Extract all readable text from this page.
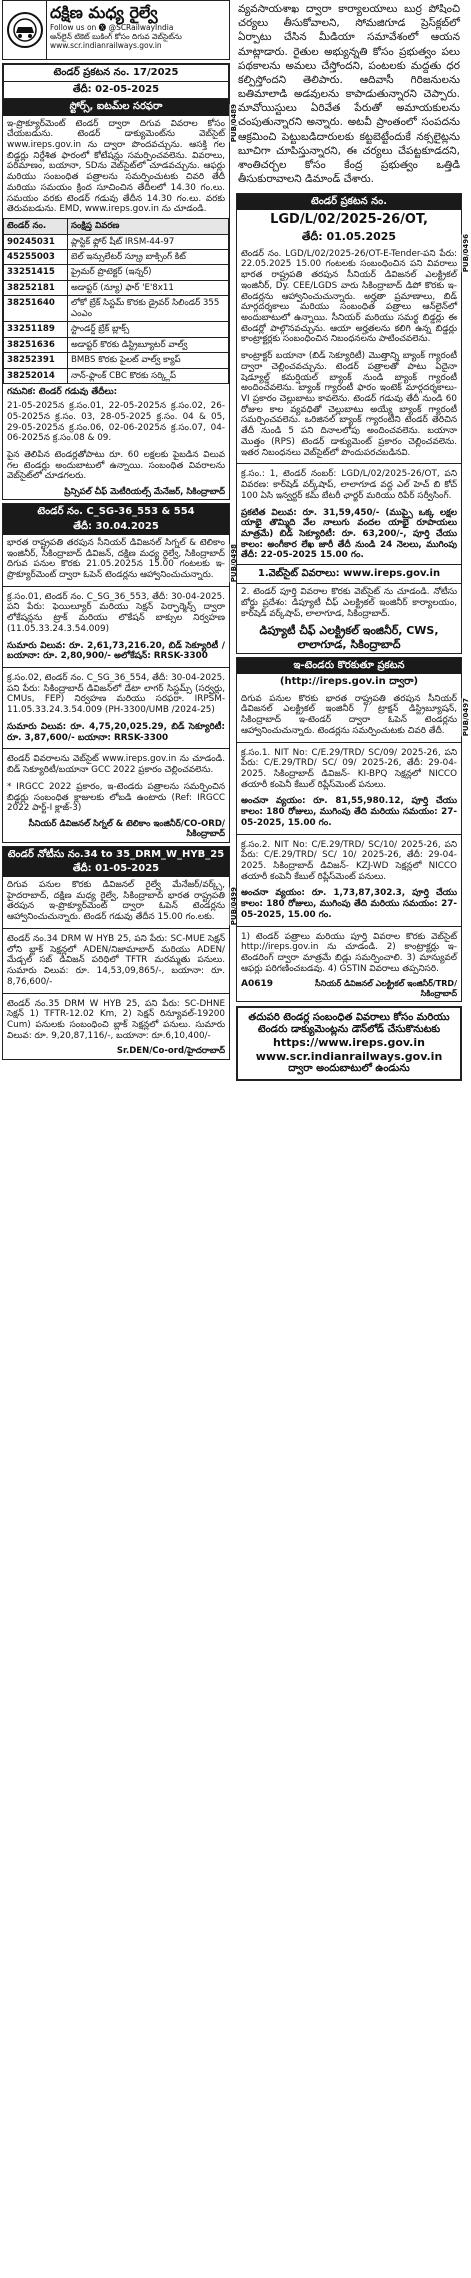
దక్షిణ మధ్య రైల్వే
Follow us on 🅧 @SCRailwayIndia
ఆన్‌లైన్ టికెట్ బుకింగ్ కోసం దిగువ వెబ్‌సైట్‌ను
www.scr.indianrailways.gov.in
PUB/0489
టెండర్ ప్రకటన నం. 17/2025
తేదీ: 02-05-2025
స్టోర్స్, ఐటమ్‌ల సరఫరా
ఇ-ప్రొక్యూర్‌మెంట్ టెండర్ ద్వారా దిగువ వివరాల కోసం చేయబడును. టెండర్ డాక్యుమెంట్‌ను వెబ్‌సైట్ www.ireps.gov.in ను ద్వారా పొందవచ్చును. ఆసక్తి గల బిడ్డర్లు నిర్దేశిత ఫారంలో కోటేషన్లు సమర్పించవలెను. వివరాలు, పరిమాణం, బయానా, SDను వెబ్‌సైట్‌లో చూడవచ్చును. ఆఫర్లు మరియు సంబంధిత పత్రాలను సమర్పించుటకు చివరి తేదీ మరియు సమయం క్రింద సూచించిన తేదీలలో 14.30 గం.లు. సమయం వరకు టెండర్ గడువు తేదీన 14.30 గం.లు. వరకు తెరువబడును. EMD, www.ireps.gov.in ను చూడండి.
టెండర్ నం.	సంక్షిప్త వివరణ
90245031	ప్లాస్టిక్ ఫ్లోర్ షీట్ IRSM-44-97
45255003	బెల్ ఇన్సులేటర్ స్క్రూ బాక్సింగ్ కిట్
33251415	ప్రైమర్ ప్రొటెక్టర్ (ఇన్నర్)
38252181	అడాప్టర్ (న్యూ) ఫార్ 'E'8x11
38251640	లోకో బ్రేక్ సిస్టమ్ కొరకు డ్రైవర్ సిలిండర్ 355 ఎంఎం
33251189	స్టాండర్డ్ బ్రేక్ బ్లాక్స్
38251636	అడాప్టర్ కొరకు డిస్ట్రిబ్యూటర్ వాల్వ్
38252391	BMBS కొరకు పైలట్ వాల్వ్ క్యాప్
38252014	నాన్-ఫ్లాంక్ CBC కొరకు సర్క్లిప్
గమనిక: టెండర్ గడువు తేదీలు:
21-05-2025న క్ర.సం.01, 22-05-2025న క్ర.సం.02, 26-05-2025న క్ర.సం. 03, 28-05-2025 క్ర.సం. 04 & 05, 29-05-2025న క్ర.సం.06, 02-06-2025న క్ర.సం.07, 04-06-2025న క్ర.సం.08 & 09.
పైన తెలిపిన టెండర్లతోపాటు రూ. 60 లక్షలకు పైబడిన విలువ గల టెండర్లు అందుబాటులో ఉన్నాయి. సంబంధిత వివరాలను వెబ్‌సైట్‌లో చూడగలరు.
ప్రిన్సిపల్ చీఫ్ మెటీరియల్స్ మేనేజర్, సికింద్రాబాద్
PUB/0498
టెండర్ నం. C_SG-36_553 & 554
తేదీ: 30.04.2025
భారత రాష్ట్రపతి తరపున సీనియర్ డివిజనల్ సిగ్నల్ & టెలికాం ఇంజినీర్, సికింద్రాబాద్ డివిజన్, దక్షిణ మధ్య రైల్వే, సికింద్రాబాద్ దిగువ పనుల కొరకు 21.05.2025న 15.00 గంటలకు ఇ-ప్రొక్యూర్‌మెంట్ ద్వారా ఓపెన్ టెండర్లను ఆహ్వానించుచున్నారు.
క్ర.సం.01, టెండర్ నం. C_SG_36_553, తేదీ: 30-04-2025. పని పేరు: ఫెయిల్యూర్ మరియు సెక్షన్ పెర్ఫార్మెన్స్ ద్వారా లోకేషన్లను ట్రాక్ మరియు లొకేషన్ బాక్సుల నిర్వహణ (11.05.33.24.3.54.009)
సుమారు విలువ: రూ. 2,61,73,216.20, బిడ్ సెక్యూరిటీ / బయానా: రూ. 2,80,900/- అలోకేషన్: RRSK-3300
క్ర.సం.02, టెండర్ నం. C_SG_36_554, తేదీ: 30-04-2025. పని పేరు: సికింద్రాబాద్ డివిజన్‌లో డేటా లాగర్ సిస్టమ్స్ (సర్వర్లు, CMUs, FEP) నిర్వహణ మరియు సరఫరా. IRPSM-11.05.33.24.3.54.009 (PH-3300/UMB /2024-25)
సుమారు విలువ: రూ. 4,75,20,025.29, బిడ్ సెక్యూరిటీ: రూ. 3,87,600/- బయానా: RRSK-3300
టెండర్ వివరాలను వెబ్‌సైట్ www.ireps.gov.in ను చూడండి. బిడ్ సెక్యూరిటీ/బయానా GCC 2022 ప్రకారం చెల్లించవలెను.
* IRGCC 2022 ప్రకారం, ఇ-టెండరు పత్రాలను సమర్పించిన బిడ్డర్లు సంబంధిత క్లాజులకు లోబడి ఉంటారు (Ref: IRGCC 2022 పార్ట్-I క్లాజ్-3)
సీనియర్ డివిజనల్ సిగ్నల్ & టెలికాం ఇంజినీర్/CO-ORD/సికింద్రాబాద్
PUB/0499
టెండర్ నోటీసు నం.34 to 35_DRM_W_HYB_25
తేదీ: 01-05-2025
దిగువ పనుల కొరకు డివిజనల్ రైల్వే మేనేజర్/వర్క్స్, హైదరాబాద్, దక్షిణ మధ్య రైల్వే, సికింద్రాబాద్ భారత రాష్ట్రపతి తరపున ఇ-ప్రొక్యూర్‌మెంట్ ద్వారా ఓపెన్ టెండర్లను ఆహ్వానించుచున్నారు. టెండర్ గడువు తేదీన 15.00 గం.లకు.
టెండర్ నం.34 DRM W HYB 25, పని పేరు: SC-MUE సెక్షన్ లోని బ్లాక్ సెక్షన్లలో ADEN/నిజామాబాద్ మరియు ADEN/మేడ్చల్ సబ్ డివిజన్ పరిధిలో TFTR మరమ్మతు పనులు. సుమారు విలువ: రూ. 14,53,09,865/-, బయానా: రూ. 8,76,600/-
టెండర్ నం.35 DRM W HYB 25, పని పేరు: SC-DHNE సెక్షన్ 1) TFTR-12.02 Km, 2) సెక్షన్ రిన్యూవల్-19200 Cum) పనులకు సంబంధించి బ్లాక్ సెక్షన్లలో పనులు. సుమారు విలువ: రూ. 9,20,87,116/-, బయానా: రూ.6,10,400/-
Sr.DEN/Co-ord/హైదరాబాద్
వ్యవసాయశాఖ ద్వారా కార్యాలయాలు బుర్ర పోషించి చర్యలు తీసుకోవాలని, సోమజిగూడ ప్రెస్‌క్లబ్‌లో ఏర్పాటు చేసిన మీడియా సమావేశంలో ఆయన మాట్లాడారు. రైతుల అభ్యున్నతి కోసం ప్రభుత్వం పలు పథకాలను అమలు చేస్తోందని, పంటలకు మద్దతు ధర కల్పిస్తోందని తెలిపారు. ఆదివాసీ గిరిజనులను బతిమాలాడి అడవులను కాపాడుతున్నారని చెప్పారు. మావోయిస్టులు ఏరివేత పేరుతో అమాయకులను చంపుతున్నారని అన్నారు. అటవీ ప్రాంతంలో సంపదను ఆక్రమించి పెట్టుబడిదారులకు కట్టబెట్టేందుకే నక్సలైట్లను బూచిగా చూపిస్తున్నారని, ఈ చర్యలు చేపట్టకూడదని, శాంతిచర్చల కోసం కేంద్ర ప్రభుత్వం ఒత్తిడి తీసుకురావాలని డిమాండ్ చేశారు.
PUB/0496
టెండర్ ప్రకటన నం.
LGD/L/02/2025-26/OT,
తేదీ: 01.05.2025
టెండర్ నం. LGD/L/02/2025-26/OT-E-Tender-పని పేరు: 22.05.2025 15.00 గంటలకు సంబంధించిన పని వివరాలు భారత రాష్ట్రపతి తరపున సీనియర్ డివిజనల్ ఎలక్ట్రికల్ ఇంజినీర్, Dy. CEE/LGDS వారు సికింద్రాబాద్ డిపో కొరకు ఇ-టెండర్లను ఆహ్వానించుచున్నారు. అర్హతా ప్రమాణాలు, బిడ్ మార్గదర్శకాలు మరియు సంబంధిత పత్రాలు ఆన్‌లైన్‌లో అందుబాటులో ఉన్నాయి. సీనియర్ మరియు సమర్థ బిడ్డర్లు ఈ టెండర్లో పాల్గొనవచ్చును. ఆయా అర్హతలను కలిగి ఉన్న బిడ్డర్లు కాంట్రాక్టర్లకు సంబంధించిన నిబంధనలను పాటించవలెను.
కాంట్రాక్టర్ బయానా (బిడ్ సెక్యూరిటీ) మొత్తాన్ని బ్యాంక్ గ్యారంటీ ద్వారా చెల్లించవచ్చును. టెండర్ పత్రాలతో పాటు ఏదైనా షెడ్యూల్డ్ కమర్షియల్ బ్యాంక్ నుండి బ్యాంక్ గ్యారంటీ అందించవలెను. బ్యాంక్ గ్యారంటీ ఫారం ఇంటెక్ మార్గదర్శకాలు-VI ప్రకారం చెల్లుబాటు కావలెను. టెండర్ గడువు తేదీ నుండి 60 రోజుల కాల వ్యవధితో చెల్లుబాటు అయ్యే బ్యాంక్ గ్యారంటీ సమర్పించవలెను. ఒరిజినల్ బ్యాంక్ గ్యారంటీని టెండర్ తెరిచిన తేదీ నుండి 5 పని దినాలలోపు అందించవలెను. బయానా మొత్తం (RPS) టెండర్ డాక్యుమెంట్ ప్రకారం చెల్లించవలెను. ఇతర నిబంధనలు వెబ్‌సైట్‌లో పొందుపరచబడినవి.
క్ర.సం.: 1, టెండర్ నంబర్: LGD/L/02/2025-26/OT, పని వివరణ: కార్‌షెడ్ వర్క్‌షాప్, లాలాగూడ వద్ద ఎల్ హెచ్ బి కోచ్ 100 ఏసి ఇన్వర్టర్ కమ్ బేటరీ ఛార్జర్ మరియు రిపేర్ సర్వీసింగ్.
ప్రకటిత విలువ: రూ. 31,59,450/- (ముప్పై ఒక్క లక్షల యాభై తొమ్మిది వేల నాలుగు వందల యాభై రూపాయలు మాత్రమే) బిడ్ సెక్యూరిటీ: రూ. 63,200/-, పూర్తి చేయు కాలం: అంగీకార లేఖ జారీ తేదీ నుండి 24 నెలలు, ముగింపు తేదీ: 22-05-2025 15.00 గం.
1.వెబ్‌సైట్ వివరాలు: www.ireps.gov.in
2. టెండర్ పూర్తి వివరాల కొరకు వెబ్‌సైట్ ను చూడండి. నోటీసు బోర్డు ప్రదేశం: డిప్యూటీ చీఫ్ ఎలక్ట్రికల్ ఇంజినీర్ కార్యాలయం, కార్‌షెడ్ వర్క్‌షాప్, లాలాగూడ, సికింద్రాబాద్.
డిప్యూటీ చీఫ్ ఎలక్ట్రికల్ ఇంజినీర్, CWS, లాలాగూడ, సికింద్రాబాద్
PUB/0497
ఇ-టెండరు కొరకుతూ ప్రకటన
(http://ireps.gov.in ద్వారా)
దిగువ పనుల కొరకు భారత రాష్ట్రపతి తరపున సీనియర్ డివిజనల్ ఎలక్ట్రికల్ ఇంజినీర్ / ట్రాక్షన్ డిస్ట్రిబ్యూషన్, సికింద్రాబాద్ ఇ-టెండర్ ద్వారా ఓపెన్ టెండర్లను ఆహ్వానించుచున్నారు. టెండర్లను సమర్పించుటకు చివరి తేదీ.
క్ర.సం.1. NIT No: C/E.29/TRD/ SC/09/ 2025-26, పని పేరు: C/E.29/TRD/ SC/ 09/ 2025-26, తేదీ: 29-04-2025. సికింద్రాబాద్ డివిజన్- KI-BPQ సెక్షన్లలో NICCO తయారీ కంపెనీ కేబుల్ రిప్లేస్‌మెంట్ పనులు.
అంచనా వ్యయం: రూ. 81,55,980.12, పూర్తి చేయు కాలం: 180 రోజులు, ముగింపు తేది మరియు సమయం: 27-05-2025, 15.00 గం.
క్ర.సం.2. NIT No: C/E.29/TRD/ SC/10/ 2025-26, పని పేరు: C/E.29/TRD/ SC/ 10/ 2025-26, తేదీ: 29-04-2025. సికింద్రాబాద్ డివిజన్- KZJ-WD సెక్షన్లలో NICCO తయారీ కంపెనీ కేబుల్ రిప్లేస్‌మెంట్ పనులు.
అంచనా వ్యయం: రూ. 1,73,87,302.3, పూర్తి చేయు కాలం: 180 రోజులు, ముగింపు తేది మరియు సమయం: 27-05-2025, 15.00 గం.
1) టెండర్ పత్రాలు మరియు పూర్తి వివరాల కొరకు వెబ్‌సైట్ http://ireps.gov.in ను చూడండి. 2) కాంట్రాక్టర్లు ఇ-టెండరింగ్ ద్వారా మాత్రమే బిడ్లు సమర్పించాలి. 3) మాన్యువల్ ఆఫర్లు పరిగణించబడవు. 4) GSTIN వివరాలు తప్పనిసరి.
A0619	సీనియర్ డివిజనల్ ఎలక్ట్రికల్ ఇంజినీర్/TRD/సికింద్రాబాద్
తదుపరి టెండర్ల సంబంధిత వివరాలు కోసం మరియు టెండరు డాక్యుమెంట్లను డౌన్‌లోడ్ చేసుకొనుటకు
https://www.ireps.gov.in
www.scr.indianrailways.gov.in
ద్వారా అందుబాటులో ఉండును
